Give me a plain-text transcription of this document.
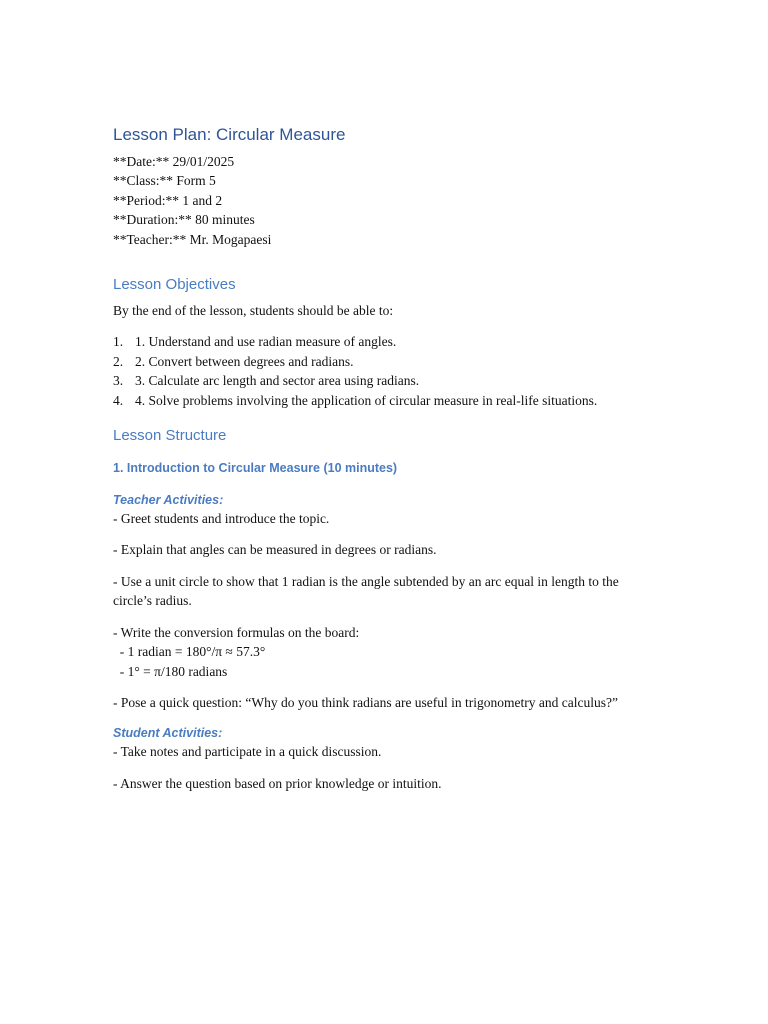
Lesson Plan: Circular Measure

**Date:** 29/01/2025

**Class:** Form 5

**Period:** 1 and 2

**Duration:** 80 minutes

**Teacher:** Mr. Mogapaesi

Lesson Objectives

By the end of the lesson, students should be able to:

1. 1. Understand and use radian measure of angles.
2. 2. Convert between degrees and radians.
3. 3. Calculate arc length and sector area using radians.
4. 4. Solve problems involving the application of circular measure in real-life situations.
Lesson Structure
1. Introduction to Circular Measure (10 minutes)
Teacher Activities:

- Greet students and introduce the topic.

- Explain that angles can be measured in degrees or radians.

- Use a unit circle to show that 1 radian is the angle subtended by an arc equal in length to the circle’s radius.

- Write the conversion formulas on the board:

- 1 radian = 180°/π ≈ 57.3°

- 1° = π/180 radians

- Pose a quick question: “Why do you think radians are useful in trigonometry and calculus?”

Student Activities:

- Take notes and participate in a quick discussion.

- Answer the question based on prior knowledge or intuition.
